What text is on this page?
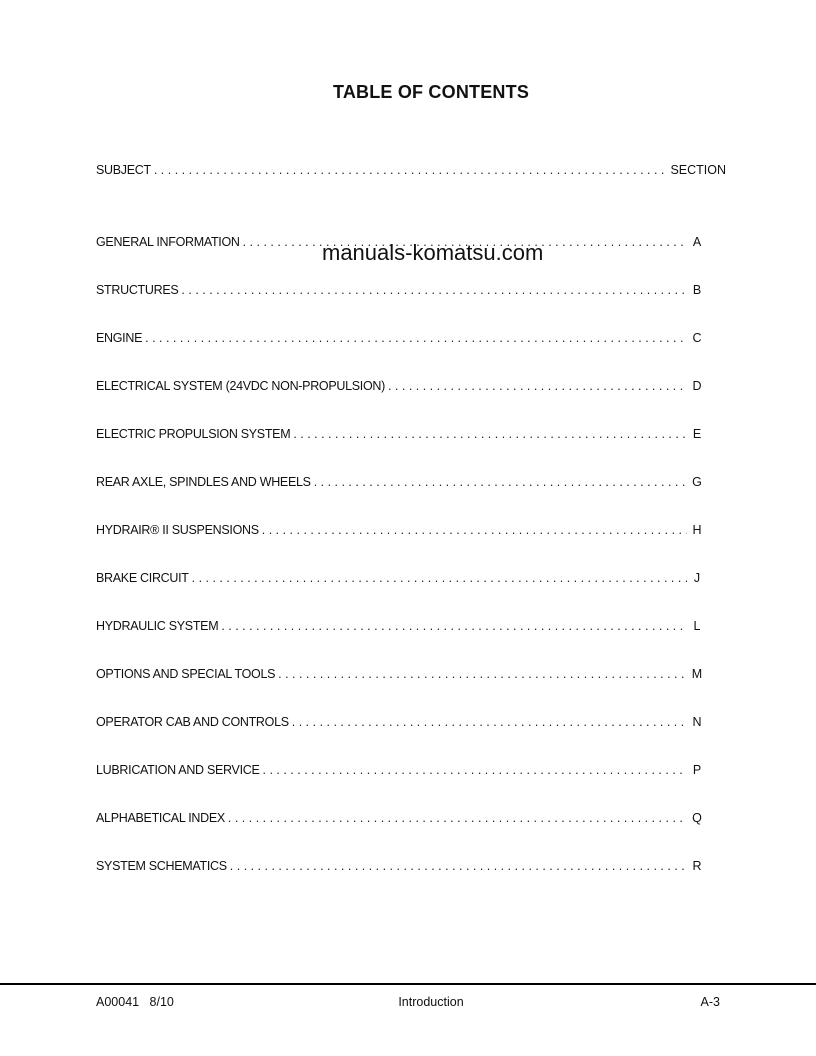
TABLE OF CONTENTS
SUBJECT . . .	SECTION
GENERAL INFORMATION . . .	A
STRUCTURES . . .	B
ENGINE . . .	C
ELECTRICAL SYSTEM (24VDC NON-PROPULSION) . . .	D
ELECTRIC PROPULSION SYSTEM . . .	E
REAR AXLE, SPINDLES AND WHEELS . . .	G
HYDRAIR® II SUSPENSIONS . . .	H
BRAKE CIRCUIT . . .	J
HYDRAULIC SYSTEM . . .	L
OPTIONS AND SPECIAL TOOLS . . .	M
OPERATOR CAB AND CONTROLS . . .	N
LUBRICATION AND SERVICE . . .	P
ALPHABETICAL INDEX . . .	Q
SYSTEM SCHEMATICS . . .	R
manuals-komatsu.com
A00041   8/10	Introduction	A-3
